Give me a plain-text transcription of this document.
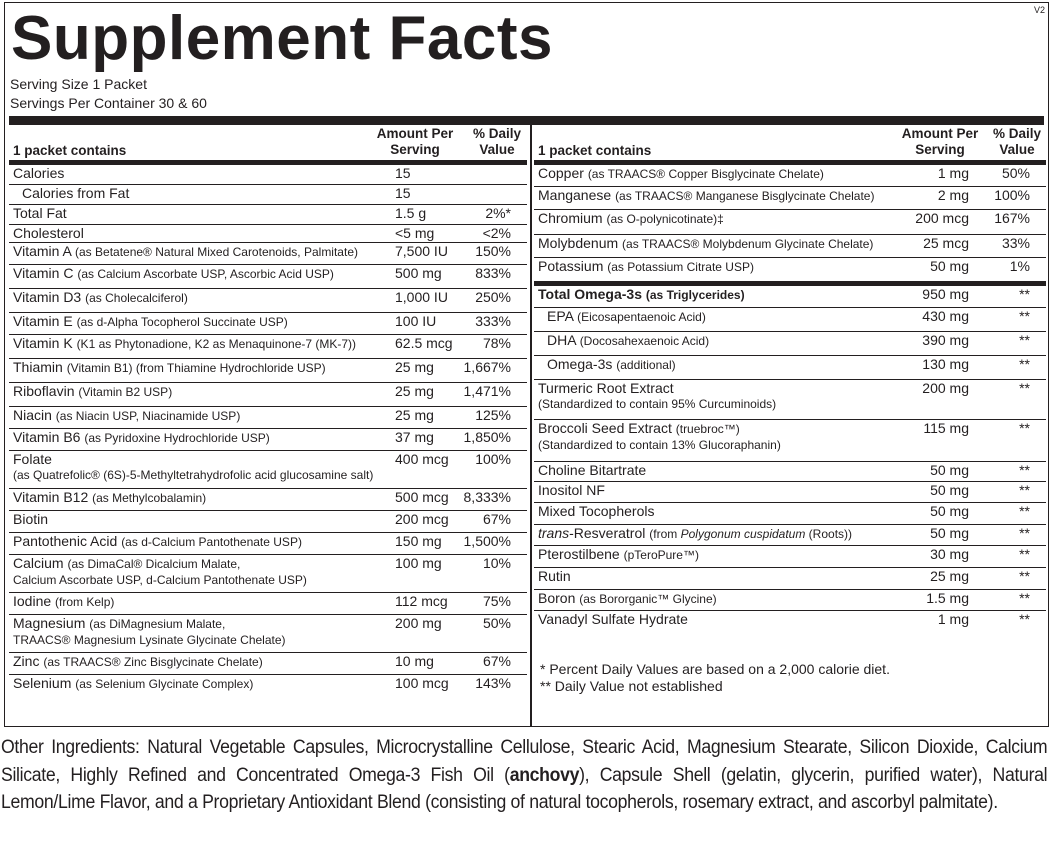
Supplement Facts	V2
Serving Size 1 Packet
Servings Per Container 30 & 60
1 packet contains
Amount Per
Serving
% Daily
Value
Calories	15
Calories from Fat	15
Total Fat	1.5 g	2%*
Cholesterol	<5 mg	<2%
Vitamin A (as Betatene® Natural Mixed Carotenoids, Palmitate)	7,500 IU 150%
Vitamin C (as Calcium Ascorbate USP, Ascorbic Acid USP)	500 mg 833%
Vitamin D3 (as Cholecalciferol)	1,000 IU 250%
Vitamin E (as d-Alpha Tocopherol Succinate USP)	100 IU	333%
Vitamin K (K1 as Phytonadione, K2 as Menaquinone-7 (MK-7))	62.5 mcg 78%
Thiamin (Vitamin B1) (from Thiamine Hydrochloride USP)	25 mg 1,667%
Riboflavin (Vitamin B2 USP)	25 mg 1,471%
Niacin (as Niacin USP, Niacinamide USP)	25 mg	125%
Vitamin B6 (as Pyridoxine Hydrochloride USP)	37 mg 1,850%
Folate
(as Quatrefolic® (6S)-5-Methyltetrahydrofolic acid glucosamine salt)
400 mcg 100%
Vitamin B12 (as Methylcobalamin)	500 mcg 8,333%
Biotin	200 mcg 67%
Pantothenic Acid (as d-Calcium Pantothenate USP)	150 mg 1,500%
Calcium (as DimaCal® Dicalcium Malate,
Calcium Ascorbate USP, d-Calcium Pantothenate USP)
100 mg	10%
Iodine (from Kelp)	112 mcg	75%
Magnesium (as DiMagnesium Malate,
TRAACS® Magnesium Lysinate Glycinate Chelate)
200 mg	50%
Zinc (as TRAACS® Zinc Bisglycinate Chelate)	10 mg	67%
Selenium (as Selenium Glycinate Complex)	100 mcg 143%
1 packet contains
Amount Per
Serving
% Daily
Value
Copper (as TRAACS® Copper Bisglycinate Chelate)	1 mg 50%
Manganese (as TRAACS® Manganese Bisglycinate Chelate)	2 mg 100%
Chromium (as O-polynicotinate)‡	200 mcg 167%
Molybdenum (as TRAACS® Molybdenum Glycinate Chelate)	25 mcg 33%
Potassium (as Potassium Citrate USP)	50 mg	1%
Total Omega-3s (as Triglycerides)	950 mg	**
EPA (Eicosapentaenoic Acid)	430 mg	**
DHA (Docosahexaenoic Acid)	390 mg	**
Omega-3s (additional)	130 mg	**
Turmeric Root Extract
(Standardized to contain 95% Curcuminoids)
200 mg	**
Broccoli Seed Extract (truebroc™)
(Standardized to contain 13% Glucoraphanin)
115 mg	**
Choline Bitartrate	50 mg	**
Inositol NF	50 mg	**
Mixed Tocopherols	50 mg	**
trans-Resveratrol (from Polygonum cuspidatum (Roots))	50 mg	**
Pterostilbene (pTeroPure™)	30 mg	**
Rutin	25 mg	**
Boron (as Bororganic™ Glycine)	1.5 mg	**
Vanadyl Sulfate Hydrate	1 mg	**
* Percent Daily Values are based on a 2,000 calorie diet.
** Daily Value not established
Other Ingredients: Natural Vegetable Capsules, Microcrystalline Cellulose, Stearic Acid, Magnesium Stearate, Silicon Dioxide, Calcium Silicate, Highly Refined and Concentrated Omega-3 Fish Oil (anchovy), Capsule Shell (gelatin, glycerin, purified water), Natural Lemon/Lime Flavor, and a Proprietary Antioxidant Blend (consisting of natural tocopherols, rosemary extract, and ascorbyl palmitate).
